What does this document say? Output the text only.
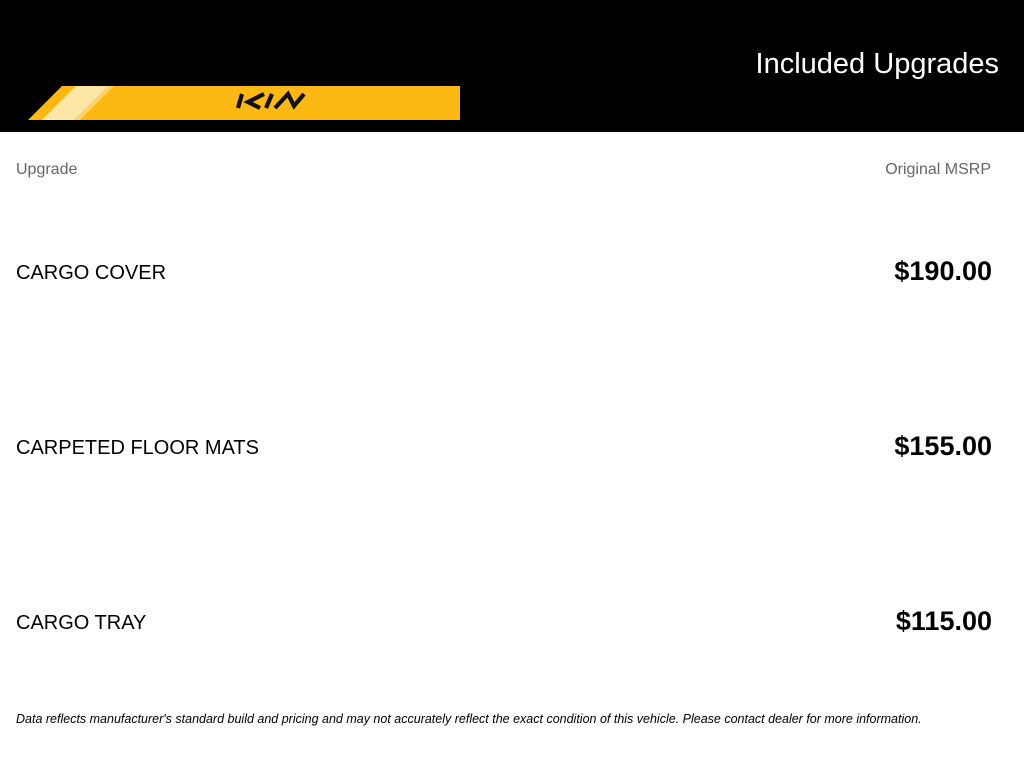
Included Upgrades
Upgrade	Original MSRP
CARGO COVER	$190.00
CARPETED FLOOR MATS	$155.00
CARGO TRAY	$115.00
Data reflects manufacturer's standard build and pricing and may not accurately reflect the exact condition of this vehicle. Please contact dealer for more information.
